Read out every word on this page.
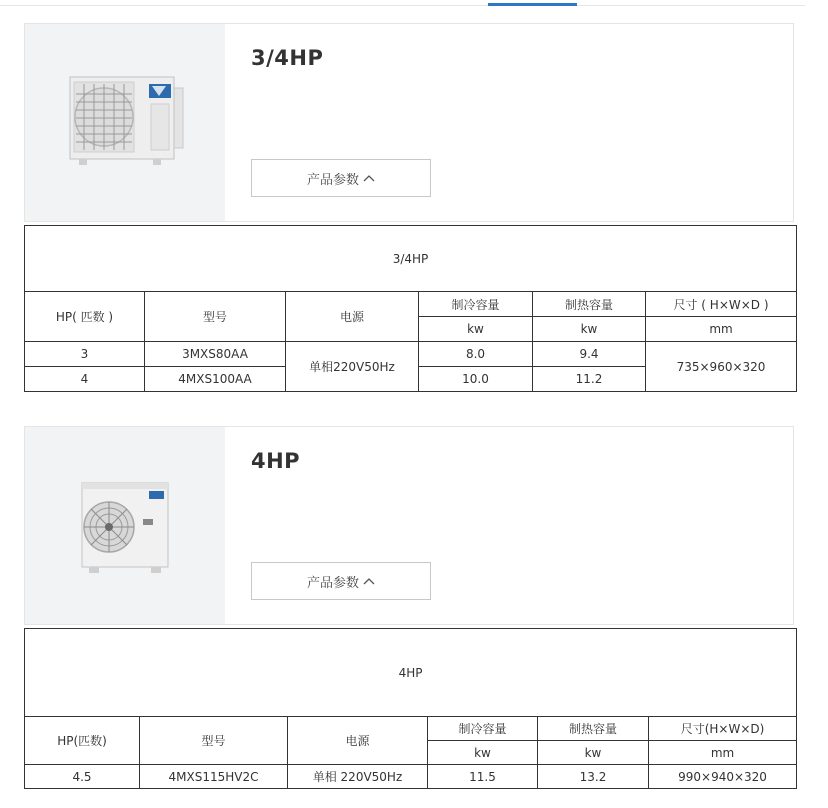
3/4HP
产品参数
3/4HP					
HP( 匹数 )	型号	电源	制冷容量	制热容量	尺寸 ( H×W×D )
			kw	kw	mm
3	3MXS80AA	单相220V50Hz	8.0	9.4	735×960×320
4	4MXS100AA		10.0	11.2	
4HP
产品参数
4HP					
HP(匹数)	型号	电源	制冷容量	制热容量	尺寸(H×W×D)
			kw	kw	mm
4.5	4MXS115HV2C	单相 220V50Hz	11.5	13.2	990×940×320
